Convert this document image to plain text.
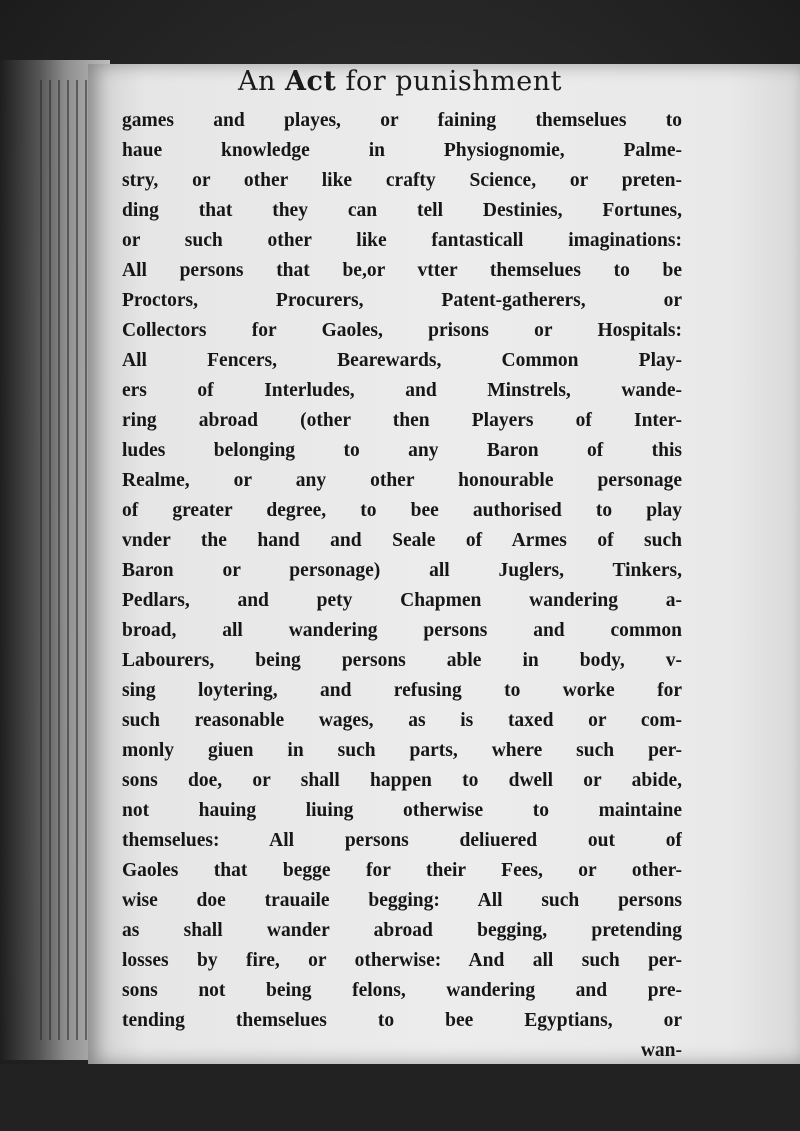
An Act for punishment
games and playes, or faining themselues to
haue knowledge in Physiognomie, Palme-
stry, or other like crafty Science, or preten-
ding that they can tell Destinies, Fortunes,
or such other like fantasticall imaginations:
All persons that be,or vtter themselues to be
Proctors, Procurers, Patent-gatherers, or
Collectors for Gaoles, prisons or Hospitals:
All Fencers, Bearewards, Common Play-
ers of Interludes, and Minstrels, wande-
ring abroad (other then Players of Inter-
ludes belonging to any Baron of this
Realme, or any other honourable personage
of greater degree, to bee authorised to play
vnder the hand and Seale of Armes of such
Baron or personage) all Juglers, Tinkers,
Pedlars, and pety Chapmen wandering a-
broad, all wandering persons and common
Labourers, being persons able in body, v-
sing loytering, and refusing to worke for
such reasonable wages, as is taxed or com-
monly giuen in such parts, where such per-
sons doe, or shall happen to dwell or abide,
not hauing liuing otherwise to maintaine
themselues: All persons deliuered out of
Gaoles that begge for their Fees, or other-
wise doe trauaile begging: All such persons
as shall wander abroad begging, pretending
losses by fire, or otherwise: And all such per-
sons not being felons, wandering and pre-
tending themselues to bee Egyptians, or
wan-
